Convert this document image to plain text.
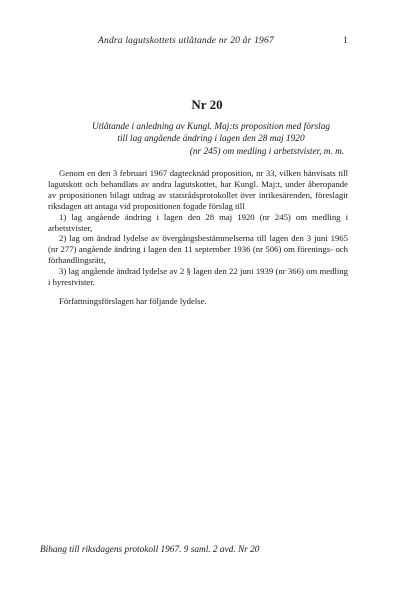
Andra lagutskottets utlåtande nr 20 år 1967	1
Nr 20
Utlåtande i anledning av Kungl. Maj:ts proposition med förslag
till lag angående ändring i lagen den 28 maj 1920
(nr 245) om medling i arbetstvister, m. m.

Genom en den 3 februari 1967 dagtecknäd proposition, nr 33, vilken hänvisats till lagutskott och behandlats av andra lagutskottet, har Kungl. Maj:t, under åberopande av propositionen bilagt utdrag av statsrådsprotokollet över inrikesärenden, föreslagit riksdagen att antaga vid propositionen fogade förslag till

1) lag angående ändring i lagen den 28 maj 1920 (nr 245) om medling i arbetstvister,

2) lag om ändrad lydelse av övergångsbestämmelserna till lagen den 3 juni 1965 (nr 277) angående ändring i lagen den 11 september 1936 (nr 506) om förenings- och förhandlingsrätt,

3) lag angående ändrad lydelse av 2 § lagen den 22 juni 1939 (nr 366) om medling i hyrestvister.

Författningsförslagen har följande lydelse.

Bihang till riksdagens protokoll 1967. 9 saml. 2 avd. Nr 20
